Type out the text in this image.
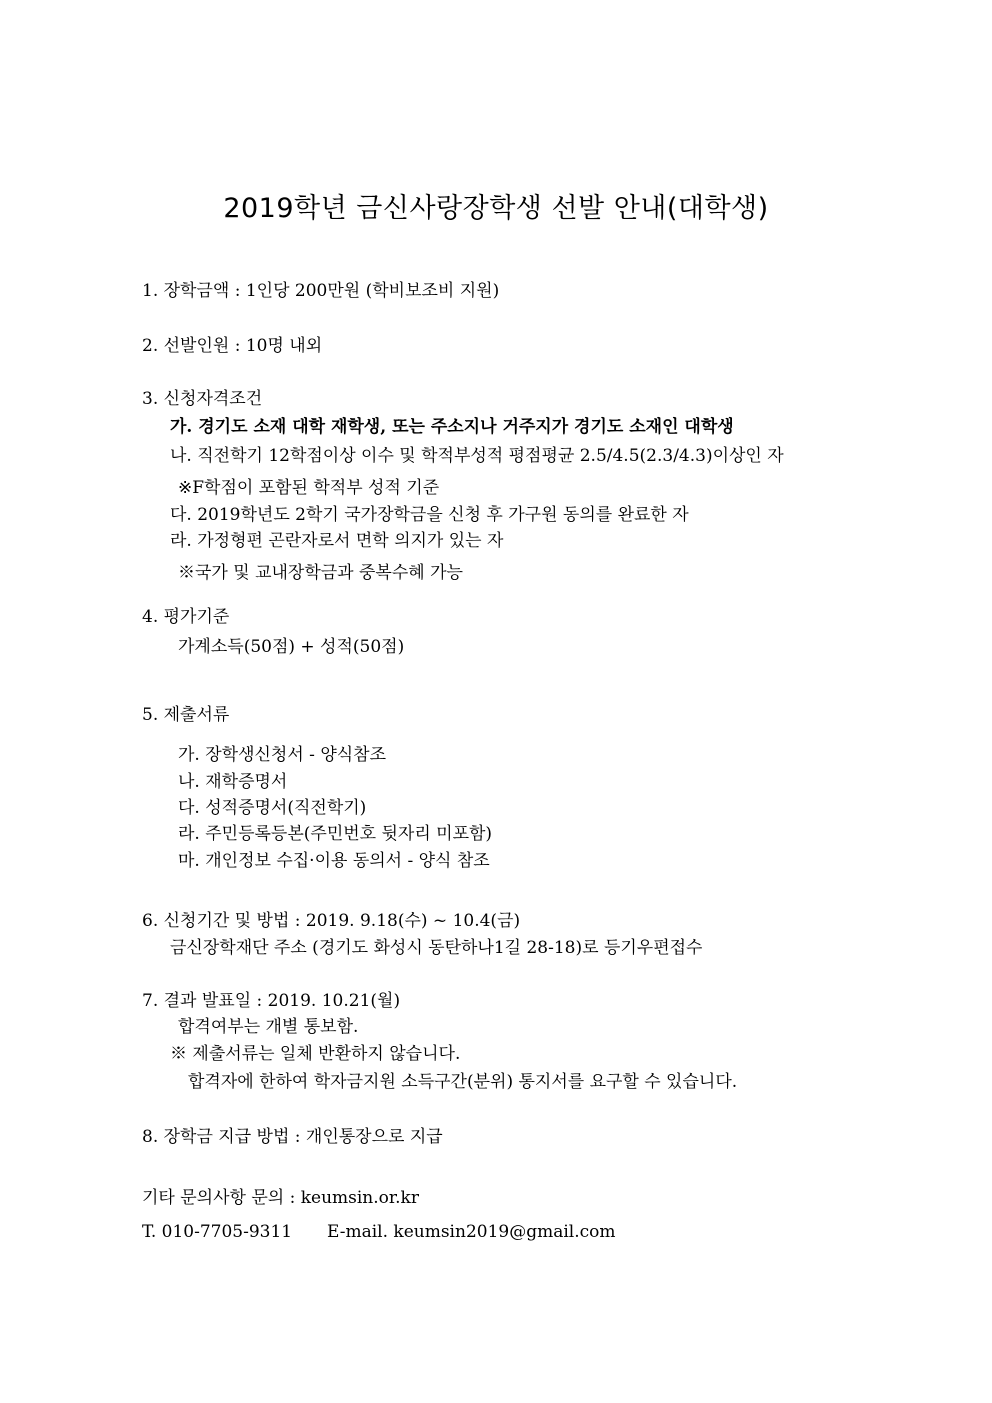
2019학년 금신사랑장학생 선발 안내(대학생)
1. 장학금액 : 1인당 200만원 (학비보조비 지원)
2. 선발인원 : 10명 내외
3. 신청자격조건
가. 경기도 소재 대학 재학생, 또는 주소지나 거주지가 경기도 소재인 대학생
나. 직전학기 12학점이상 이수 및 학적부성적 평점평균 2.5/4.5(2.3/4.3)이상인 자
※F학점이 포함된 학적부 성적 기준
다. 2019학년도 2학기 국가장학금을 신청 후 가구원 동의를 완료한 자
라. 가정형편 곤란자로서 면학 의지가 있는 자
※국가 및 교내장학금과 중복수혜 가능
4. 평가기준
가계소득(50점) + 성적(50점)
5. 제출서류
가. 장학생신청서 - 양식참조
나. 재학증명서
다. 성적증명서(직전학기)
라. 주민등록등본(주민번호 뒷자리 미포함)
마. 개인정보 수집·이용 동의서 - 양식 참조
6. 신청기간 및 방법 : 2019. 9.18(수) ~ 10.4(금)
금신장학재단 주소 (경기도 화성시 동탄하나1길 28-18)로 등기우편접수
7. 결과 발표일 : 2019. 10.21(월)
합격여부는 개별 통보함.
※ 제출서류는 일체 반환하지 않습니다.
합격자에 한하여 학자금지원 소득구간(분위) 통지서를 요구할 수 있습니다.
8. 장학금 지급 방법 : 개인통장으로 지급
기타 문의사항 문의 : keumsin.or.kr
T. 010-7705-9311 E-mail. keumsin2019@gmail.com
